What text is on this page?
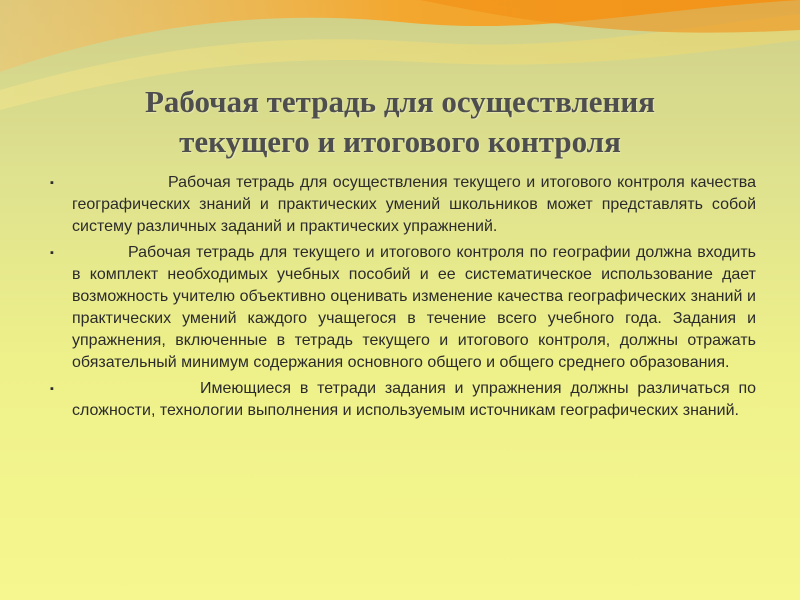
Рабочая тетрадь для осуществления
текущего и итогового контроля
▪	Рабочая тетрадь для осуществления текущего и итогового контроля качества географических знаний и практических умений школьников может представлять собой систему различных заданий и практических упражнений.

▪	Рабочая тетрадь для текущего и итогового контроля по географии должна входить в комплект необходимых учебных пособий и ее систематическое использование дает возможность учителю объективно оценивать изменение качества географических знаний и практических умений каждого учащегося в течение всего учебного года. Задания и упражнения, включенные в тетрадь текущего и итогового контроля, должны отражать обязательный минимум содержания основного общего и общего среднего образования.

▪	Имеющиеся в тетради задания и упражнения должны различаться по сложности, технологии выполнения и используемым источникам географических знаний.
